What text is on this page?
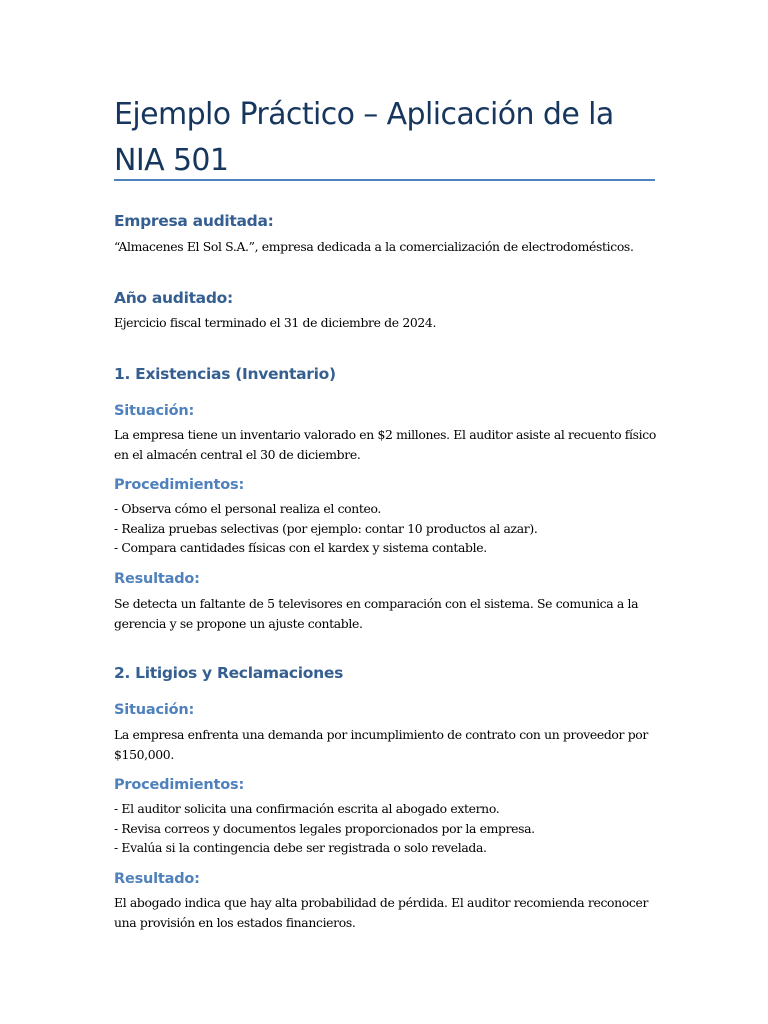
Ejemplo Práctico – Aplicación de la NIA 501
Empresa auditada:

“Almacenes El Sol S.A.”, empresa dedicada a la comercialización de electrodomésticos.

Año auditado:

Ejercicio fiscal terminado el 31 de diciembre de 2024.

1. Existencias (Inventario)
Situación:

La empresa tiene un inventario valorado en $2 millones. El auditor asiste al recuento físico
en el almacén central el 30 de diciembre.

Procedimientos:

- Observa cómo el personal realiza el conteo.
- Realiza pruebas selectivas (por ejemplo: contar 10 productos al azar).
- Compara cantidades físicas con el kardex y sistema contable.

Resultado:

Se detecta un faltante de 5 televisores en comparación con el sistema. Se comunica a la
gerencia y se propone un ajuste contable.

2. Litigios y Reclamaciones
Situación:

La empresa enfrenta una demanda por incumplimiento de contrato con un proveedor por
$150,000.

Procedimientos:

- El auditor solicita una confirmación escrita al abogado externo.
- Revisa correos y documentos legales proporcionados por la empresa.
- Evalúa si la contingencia debe ser registrada o solo revelada.

Resultado:

El abogado indica que hay alta probabilidad de pérdida. El auditor recomienda reconocer
una provisión en los estados financieros.
